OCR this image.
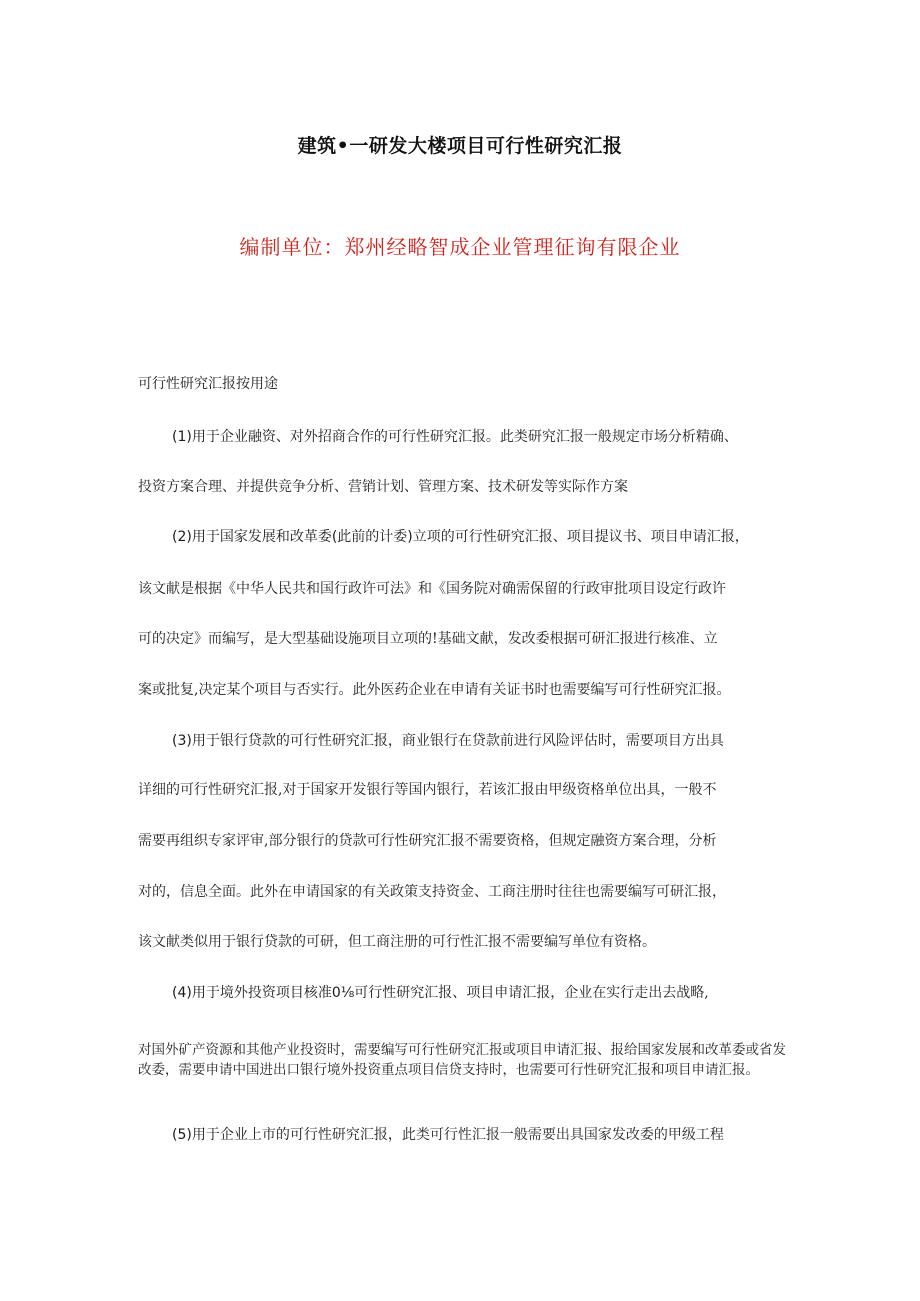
建筑•一研发大楼项目可行性研究汇报
编制单位：郑州经略智成企业管理征询有限企业
可行性研究汇报按用途
(1)用于企业融资、对外招商合作的可行性研究汇报。此类研究汇报一般规定市场分析精确、
投资方案合理、并提供竞争分析、营销计划、管理方案、技术研发等实际作方案
(2)用于国家发展和改革委(此前的计委)立项的可行性研究汇报、项目提议书、项目申请汇报，
该文献是根据《中华人民共和国行政许可法》和《国务院对确需保留的行政审批项目设定行政许
可的决定》而编写，是大型基础设施项目立项的!基础文献，发改委根据可研汇报进行核准、立
案或批复,决定某个项目与否实行。此外医药企业在申请有关证书时也需要编写可行性研究汇报。
(3)用于银行贷款的可行性研究汇报，商业银行在贷款前进行风险评估时，需要项目方出具
详细的可行性研究汇报,对于国家开发银行等国内银行，若该汇报由甲级资格单位出具，一般不
需要再组织专家评审,部分银行的贷款可行性研究汇报不需要资格，但规定融资方案合理，分析
对的，信息全面。此外在申请国家的有关政策支持资金、工商注册时往往也需要编写可研汇报，
该文献类似用于银行贷款的可研，但工商注册的可行性汇报不需要编写单位有资格。
(4)用于境外投资项目核准0⅛可行性研究汇报、项目申请汇报，企业在实行走出去战略,
对国外矿产资源和其他产业投资时，需要编写可行性研究汇报或项目申请汇报、报给国家发展和改革委或省发改委，需要申请中国进出口银行境外投资重点项目信贷支持时，也需要可行性研究汇报和项目申请汇报。
(5)用于企业上市的可行性研究汇报，此类可行性汇报一般需要出具国家发改委的甲级工程
